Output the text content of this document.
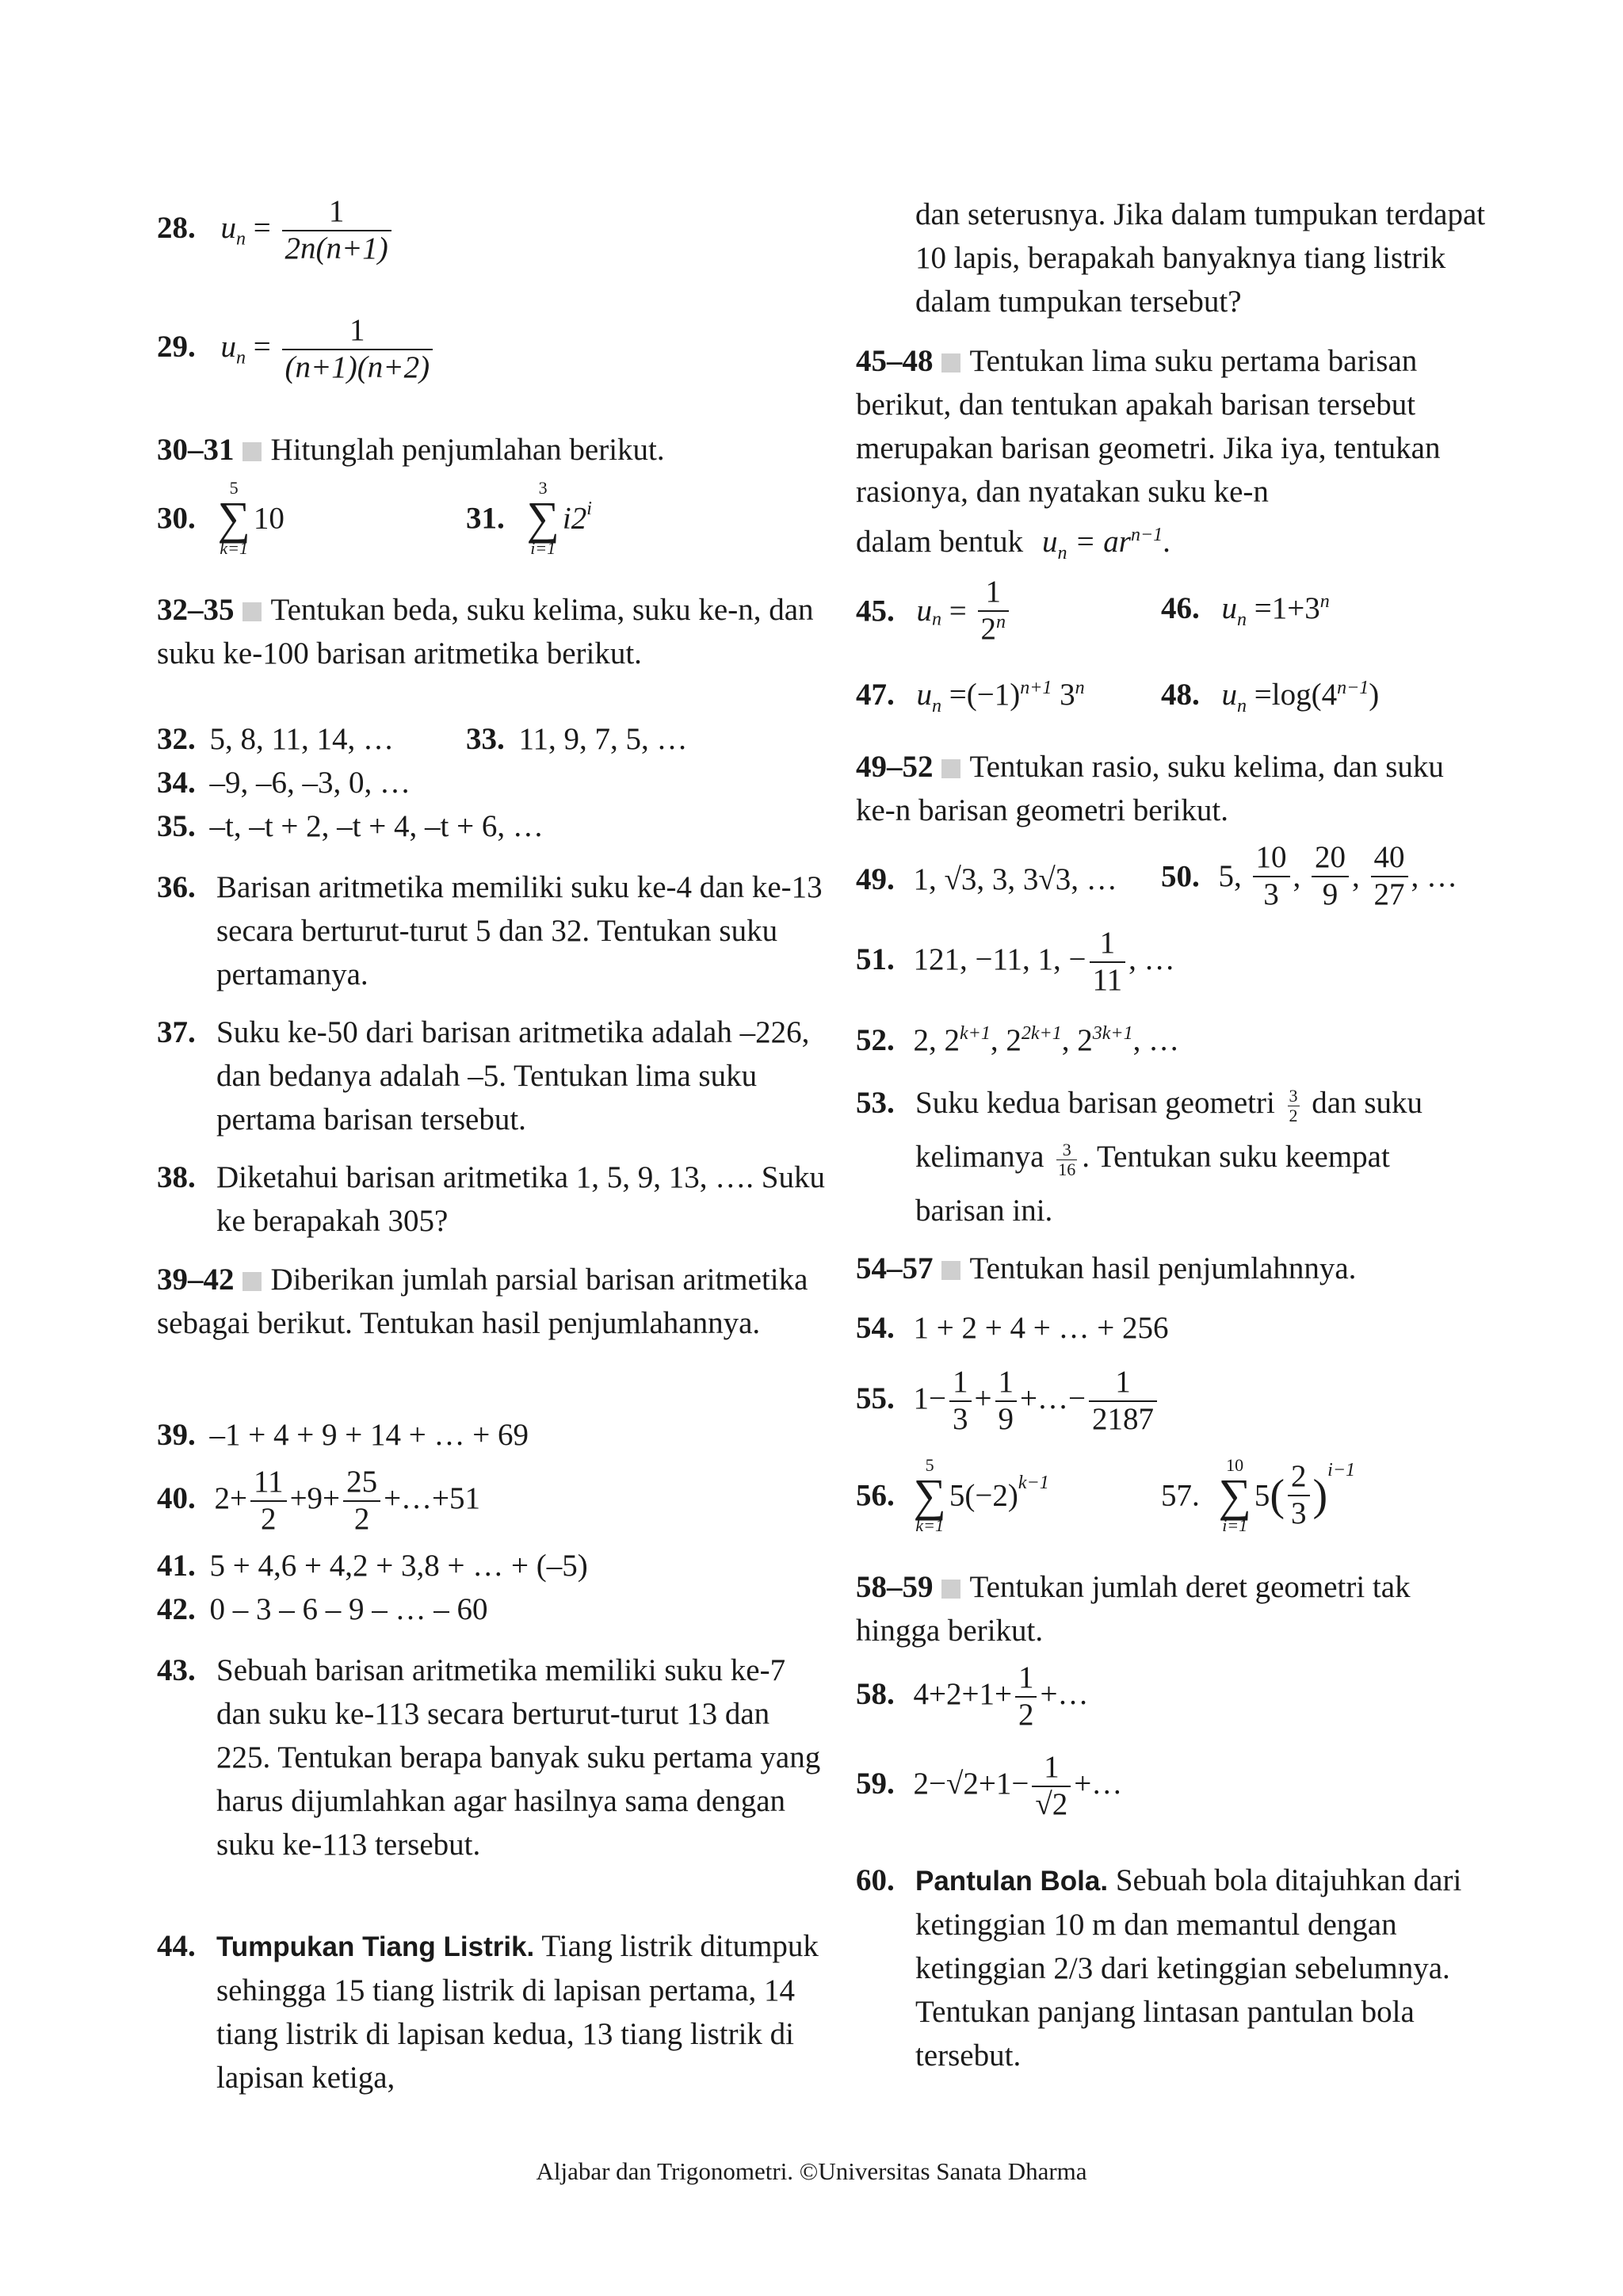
28. $u_n = \frac{1}{2n(n+1)}$
29. $u_n = \frac{1}{(n+1)(n+2)}$
30–31 Hitunglah penjumlahan berikut.
30.
5
∑
k=1
10	31.
3
∑
i=1
i2$^i$
32–35 Tentukan beda, suku kelima, suku ke-n, dan suku ke-100 barisan aritmetika berikut.
32. 5, 8, 11, 14, … 33. 11, 9, 7, 5, …
34. –9, –6, –3, 0, …
35. –t, –t + 2, –t + 4, –t + 6, …
36. Barisan aritmetika memiliki suku ke-4 dan ke-13 secara berturut-turut 5 dan 32. Tentukan suku pertamanya.
37. Suku ke-50 dari barisan aritmetika adalah –226, dan bedanya adalah –5. Tentukan lima suku pertama barisan tersebut.
38. Diketahui barisan aritmetika 1, 5, 9, 13, …. Suku ke berapakah 305?
39–42 Diberikan jumlah parsial barisan aritmetika sebagai berikut. Tentukan hasil penjumlahannya.
39. –1 + 4 + 9 + 14 + … + 69
40. $2+ \frac{11}{2} +9+ \frac{25}{2}$ +…+51
41. 5 + 4,6 + 4,2 + 3,8 + … + (–5)
42. 0 – 3 – 6 – 9 – … – 60
43. Sebuah barisan aritmetika memiliki suku ke-7 dan suku ke-113 secara berturut-turut 13 dan 225. Tentukan berapa banyak suku pertama yang harus dijumlahkan agar hasilnya sama dengan suku ke-113 tersebut.
44. Tumpukan Tiang Listrik. Tiang listrik ditumpuk sehingga 15 tiang listrik di lapisan pertama, 14 tiang listrik di lapisan kedua, 13 tiang listrik di lapisan ketiga,
dan seterusnya. Jika dalam tumpukan terdapat 10 lapis, berapakah banyaknya tiang listrik dalam tumpukan tersebut?
45–48 Tentukan lima suku pertama barisan berikut, dan tentukan apakah barisan tersebut merupakan barisan geometri. Jika iya, tentukan rasionya, dan nyatakan suku ke-n
dalam bentuk $u_n = ar^{n-1}$.
45. $u_n = \frac{1}{2^n}$	46. $u_n =1+3^n$
47. $u_n =(-1)^{n+1}$ 3$^n$ 48. $u_n =\log(4^{n-1})$
49–52 Tentukan rasio, suku kelima, dan suku ke-n barisan geometri berikut.
49. 1, √3, 3, 3√3, … 50. 5, $\frac{10}{3}$ , $\frac{20}{9}$ , $\frac{40}{27}$ , …
51. 121, −11, 1, − $\frac{1}{11}$ , …
52. 2, $2^{k+1}$, $2^{2k+1}$, $2^{3k+1}$, …
53. Suku kedua barisan geometri $\frac{3}{2}$ dan suku
kelimanya $\frac{3}{16}$ . Tentukan suku keempat
barisan ini.
54–57 Tentukan hasil penjumlahnnya.
54. 1 + 2 + 4 + … + 256
55. $1- \frac{1}{3} + \frac{1}{9}$ +…− $\frac{1}{2187}$
56.
5
∑
k=1
$5(-2)^{k-1}$	57.
10
∑
i=1
$5( \frac{2}{3} )^{i-1}$
58–59 Tentukan jumlah deret geometri tak hingga berikut.
58. $4+2+1+ \frac{1}{2}$ +…
59. $2-√2+1- \frac{1}{√2}$ +…
60. Pantulan Bola. Sebuah bola ditajuhkan dari ketinggian 10 m dan memantul dengan ketinggian 2/3 dari ketinggian sebelumnya. Tentukan panjang lintasan pantulan bola tersebut.
Aljabar dan Trigonometri. ©Universitas Sanata Dharma
